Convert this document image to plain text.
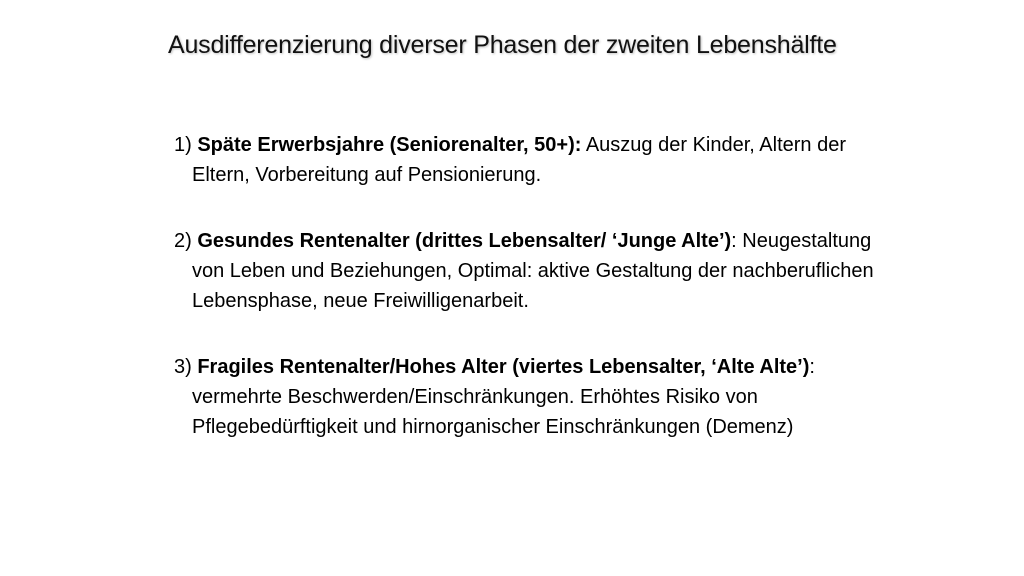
Ausdifferenzierung diverser Phasen der zweiten Lebenshälfte
1) Späte Erwerbsjahre (Seniorenalter, 50+): Auszug der Kinder, Altern der Eltern, Vorbereitung auf Pensionierung.
2) Gesundes Rentenalter (drittes Lebensalter/ ‘Junge Alte’): Neugestaltung von Leben und Beziehungen, Optimal: aktive Gestaltung der nachberuflichen Lebensphase, neue Freiwilligenarbeit.
3) Fragiles Rentenalter/Hohes Alter (viertes Lebensalter, ‘Alte Alte’): vermehrte Beschwerden/Einschränkungen. Erhöhtes Risiko von Pflegebedürftigkeit und hirnorganischer Einschränkungen (Demenz)
